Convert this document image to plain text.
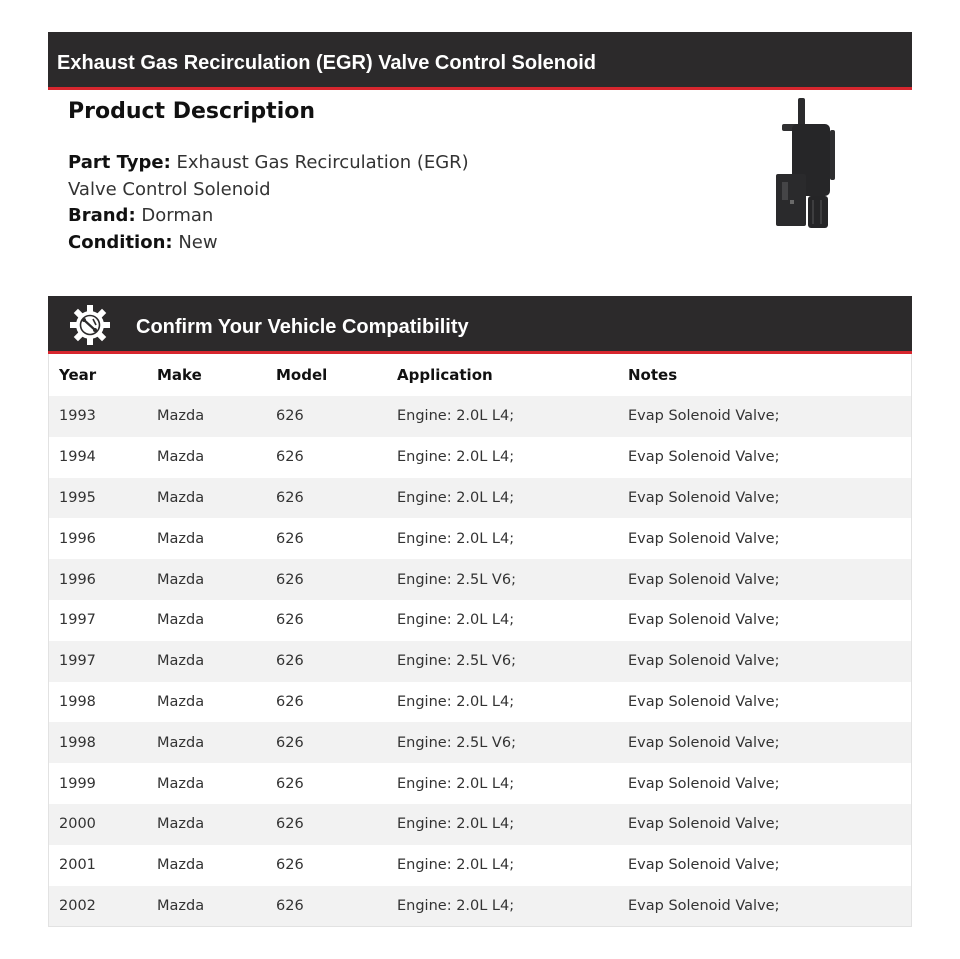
Exhaust Gas Recirculation (EGR) Valve Control Solenoid
Product Description
Part Type: Exhaust Gas Recirculation (EGR) Valve Control Solenoid
Brand: Dorman
Condition: New
Confirm Your Vehicle Compatibility
Year	Make	Model	Application	Notes
1993	Mazda	626	Engine: 2.0L L4;	Evap Solenoid Valve;
1994	Mazda	626	Engine: 2.0L L4;	Evap Solenoid Valve;
1995	Mazda	626	Engine: 2.0L L4;	Evap Solenoid Valve;
1996	Mazda	626	Engine: 2.0L L4;	Evap Solenoid Valve;
1996	Mazda	626	Engine: 2.5L V6;	Evap Solenoid Valve;
1997	Mazda	626	Engine: 2.0L L4;	Evap Solenoid Valve;
1997	Mazda	626	Engine: 2.5L V6;	Evap Solenoid Valve;
1998	Mazda	626	Engine: 2.0L L4;	Evap Solenoid Valve;
1998	Mazda	626	Engine: 2.5L V6;	Evap Solenoid Valve;
1999	Mazda	626	Engine: 2.0L L4;	Evap Solenoid Valve;
2000	Mazda	626	Engine: 2.0L L4;	Evap Solenoid Valve;
2001	Mazda	626	Engine: 2.0L L4;	Evap Solenoid Valve;
2002	Mazda	626	Engine: 2.0L L4;	Evap Solenoid Valve;
